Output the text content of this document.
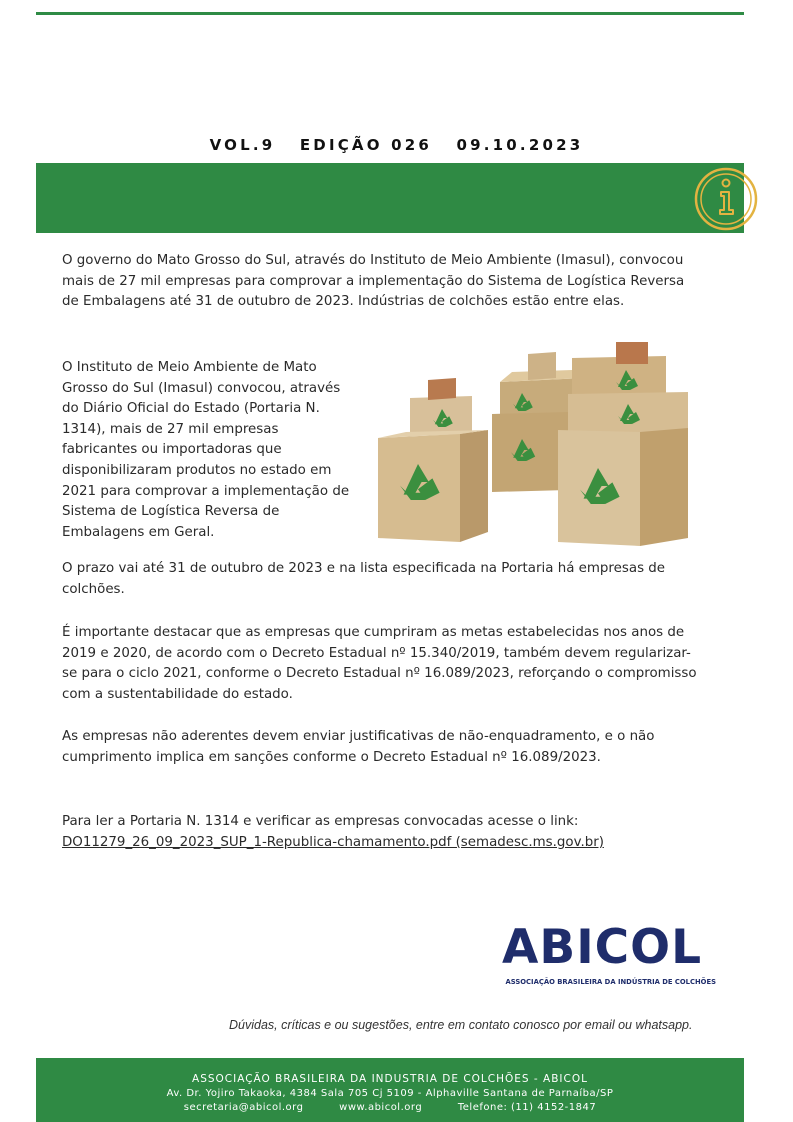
VOL.9 EDIÇÃO 026 09.10.2023

O governo do Mato Grosso do Sul, através do Instituto de Meio Ambiente (Imasul), convocou mais de 27 mil empresas para comprovar a implementação do Sistema de Logística Reversa de Embalagens até 31 de outubro de 2023. Indústrias de colchões estão entre elas.

O Instituto de Meio Ambiente de Mato Grosso do Sul (Imasul) convocou, através do Diário Oficial do Estado (Portaria N. 1314), mais de 27 mil empresas fabricantes ou importadoras que disponibilizaram produtos no estado em 2021 para comprovar a implementação de Sistema de Logística Reversa de Embalagens em Geral.

O prazo vai até 31 de outubro de 2023 e na lista especificada na Portaria há empresas de colchões.

É importante destacar que as empresas que cumpriram as metas estabelecidas nos anos de 2019 e 2020, de acordo com o Decreto Estadual nº 15.340/2019, também devem regularizar-se para o ciclo 2021, conforme o Decreto Estadual nº 16.089/2023, reforçando o compromisso com a sustentabilidade do estado.

As empresas não aderentes devem enviar justificativas de não-enquadramento, e o não cumprimento implica em sanções conforme o Decreto Estadual nº 16.089/2023.

Para ler a Portaria N. 1314 e verificar as empresas convocadas acesse o link:
DO11279_26_09_2023_SUP_1-Republica-chamamento.pdf (semadesc.ms.gov.br)

ABICOL
ASSOCIAÇÃO BRASILEIRA DA INDÚSTRIA DE COLCHÕES
Dúvidas, críticas e ou sugestões, entre em contato conosco por email ou whatsapp.
ASSOCIAÇÃO BRASILEIRA DA INDUSTRIA DE COLCHÕES - ABICOL
Av. Dr. Yojiro Takaoka, 4384 Sala 705 Cj 5109 - Alphaville Santana de Parnaíba/SP
secretaria@abicol.org	www.abicol.org	Telefone: (11) 4152-1847
